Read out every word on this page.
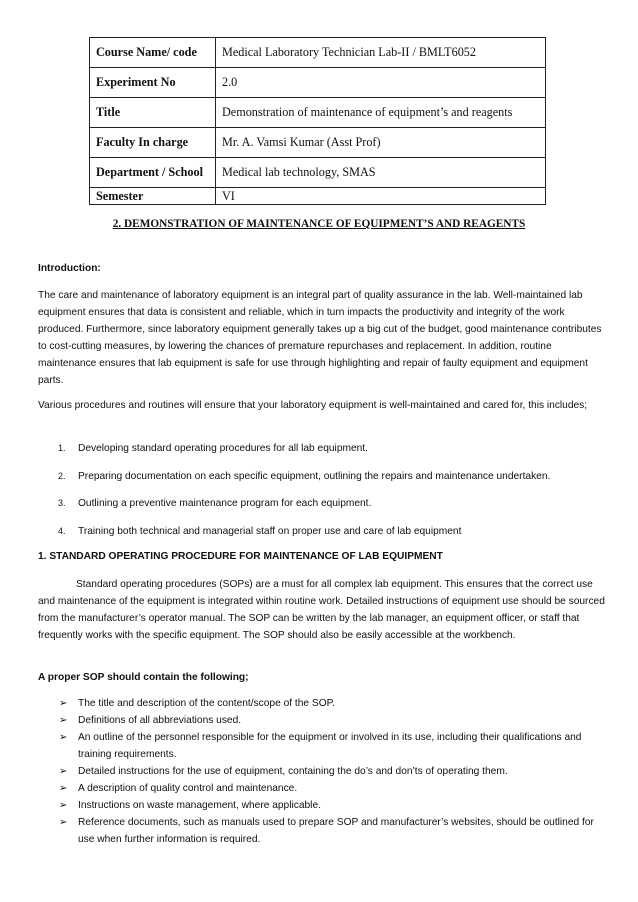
Course Name/ code	Medical Laboratory Technician Lab-II / BMLT6052
Experiment No	2.0
Title	Demonstration of maintenance of equipment’s and reagents
Faculty In charge	Mr. A. Vamsi Kumar (Asst Prof)
Department / School	Medical lab technology, SMAS
Semester	VI
2. DEMONSTRATION OF MAINTENANCE OF EQUIPMENT’S AND REAGENTS
Introduction:
The care and maintenance of laboratory equipment is an integral part of quality assurance in the lab. Well-maintained lab equipment ensures that data is consistent and reliable, which in turn impacts the productivity and integrity of the work produced. Furthermore, since laboratory equipment generally takes up a big cut of the budget, good maintenance contributes to cost-cutting measures, by lowering the chances of premature repurchases and replacement. In addition, routine maintenance ensures that lab equipment is safe for use through highlighting and repair of faulty equipment and equipment parts.
Various procedures and routines will ensure that your laboratory equipment is well-maintained and cared for, this includes;
1. Developing standard operating procedures for all lab equipment.
2. Preparing documentation on each specific equipment, outlining the repairs and maintenance undertaken.
3. Outlining a preventive maintenance program for each equipment.
4. Training both technical and managerial staff on proper use and care of lab equipment
1. STANDARD OPERATING PROCEDURE FOR MAINTENANCE OF LAB EQUIPMENT
Standard operating procedures (SOPs) are a must for all complex lab equipment. This ensures that the correct use and maintenance of the equipment is integrated within routine work. Detailed instructions of equipment use should be sourced from the manufacturer’s operator manual. The SOP can be written by the lab manager, an equipment officer, or staff that frequently works with the specific equipment. The SOP should also be easily accessible at the workbench.
A proper SOP should contain the following;
➢ The title and description of the content/scope of the SOP.
➢ Definitions of all abbreviations used.
➢ An outline of the personnel responsible for the equipment or involved in its use, including their qualifications and training requirements.
➢ Detailed instructions for the use of equipment, containing the do’s and don’ts of operating them.
➢ A description of quality control and maintenance.
➢ Instructions on waste management, where applicable.
➢ Reference documents, such as manuals used to prepare SOP and manufacturer’s websites, should be outlined for use when further information is required.
